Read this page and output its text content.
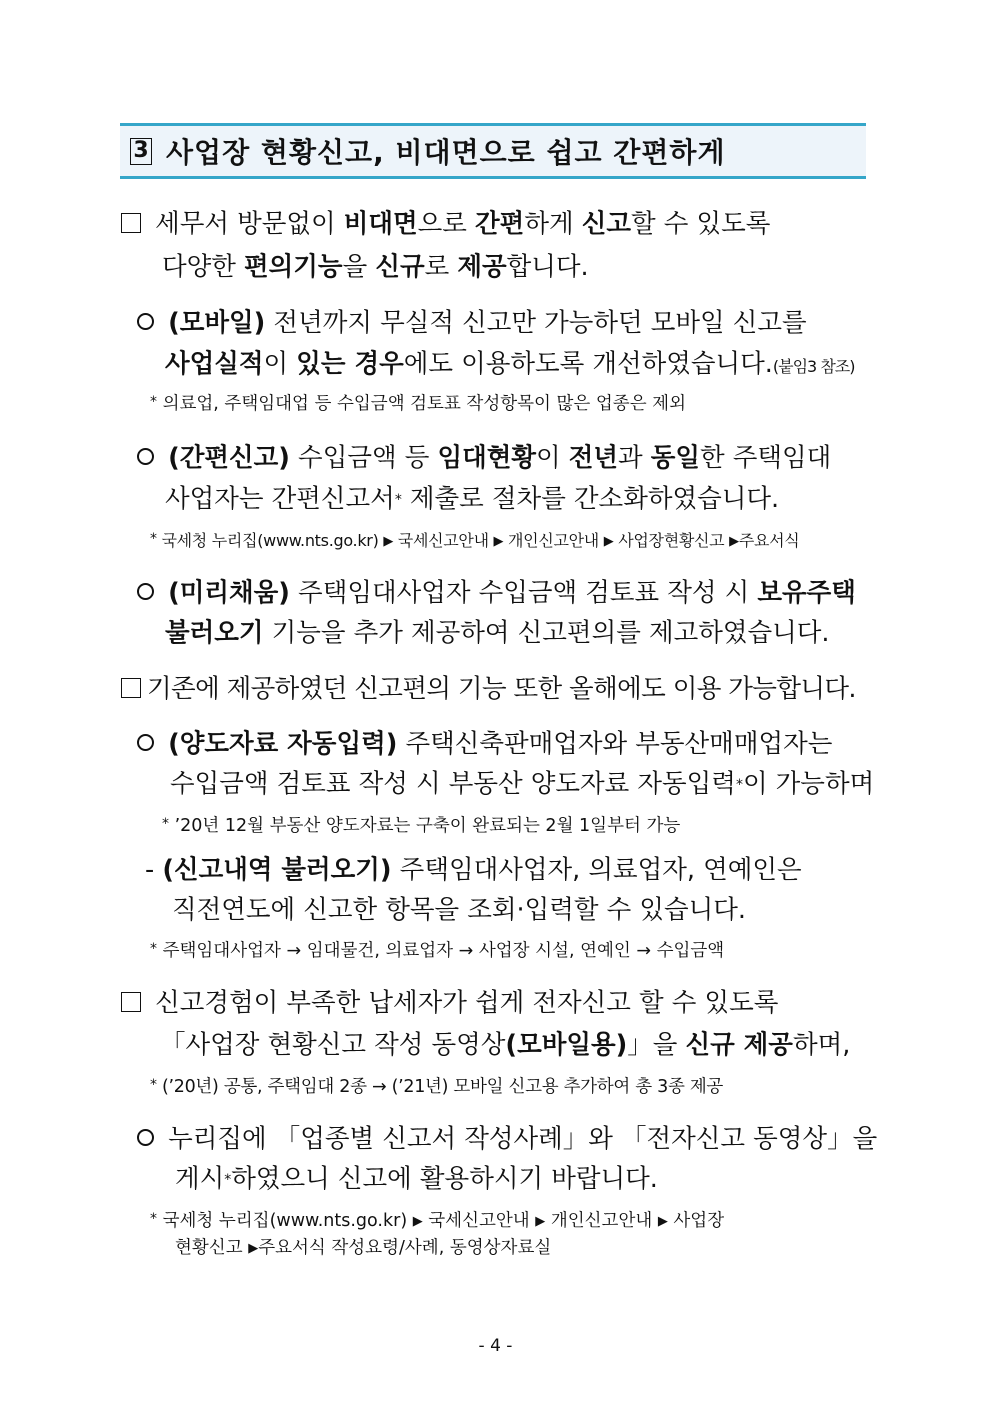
3 사업장 현황신고, 비대면으로 쉽고 간편하게
세무서 방문없이 비대면으로 간편하게 신고할 수 있도록
다양한 편의기능을 신규로 제공합니다.
(모바일) 전년까지 무실적 신고만 가능하던 모바일 신고를
사업실적이 있는 경우에도 이용하도록 개선하였습니다.(붙임3 참조)
* 의료업, 주택임대업 등 수입금액 검토표 작성항목이 많은 업종은 제외
(간편신고) 수입금액 등 임대현황이 전년과 동일한 주택임대
사업자는 간편신고서* 제출로 절차를 간소화하였습니다.
* 국세청 누리집(www.nts.go.kr) ▶ 국세신고안내 ▶ 개인신고안내 ▶ 사업장현황신고 ▶주요서식
(미리채움) 주택임대사업자 수입금액 검토표 작성 시 보유주택
불러오기 기능을 추가 제공하여 신고편의를 제고하였습니다.
기존에 제공하였던 신고편의 기능 또한 올해에도 이용 가능합니다.
(양도자료 자동입력) 주택신축판매업자와 부동산매매업자는
수입금액 검토표 작성 시 부동산 양도자료 자동입력*이 가능하며
* ’20년 12월 부동산 양도자료는 구축이 완료되는 2월 1일부터 가능
- (신고내역 불러오기) 주택임대사업자, 의료업자, 연예인은
직전연도에 신고한 항목을 조회·입력할 수 있습니다.
* 주택임대사업자 → 임대물건, 의료업자 → 사업장 시설, 연예인 → 수입금액
신고경험이 부족한 납세자가 쉽게 전자신고 할 수 있도록
「사업장 현황신고 작성 동영상(모바일용)」을 신규 제공하며,
* (’20년) 공통, 주택임대 2종 → (’21년) 모바일 신고용 추가하여 총 3종 제공
누리집에 「업종별 신고서 작성사례」와 「전자신고 동영상」을
게시*하였으니 신고에 활용하시기 바랍니다.
* 국세청 누리집(www.nts.go.kr) ▶ 국세신고안내 ▶ 개인신고안내 ▶ 사업장
현황신고 ▶주요서식 작성요령/사례, 동영상자료실
- 4 -
